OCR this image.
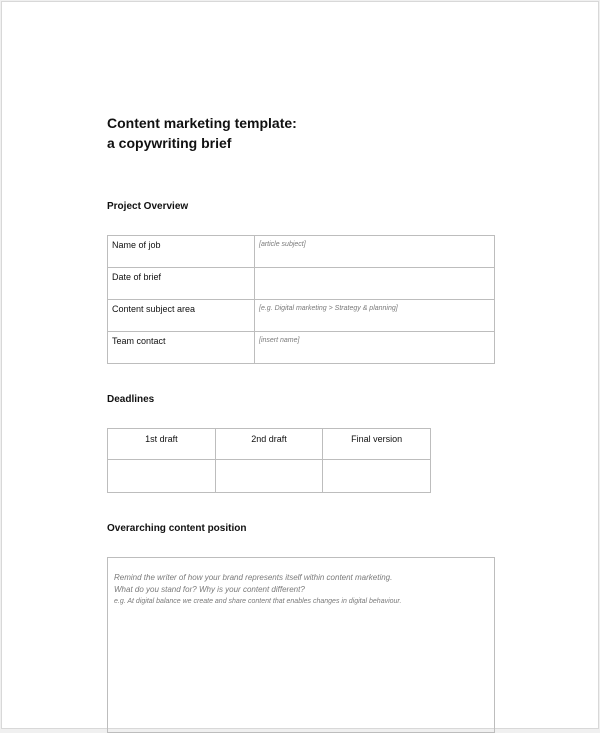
Content marketing template:
a copywriting brief
Project Overview
Name of job	[article subject]
Date of brief	
Content subject area	[e.g. Digital marketing > Strategy & planning]
Team contact	[insert name]
Deadlines
1st draft	2nd draft	Final version

Overarching content position

Remind the writer of how your brand represents itself within content marketing.

What do you stand for? Why is your content different?

e.g. At digital balance we create and share content that enables changes in digital behaviour.
